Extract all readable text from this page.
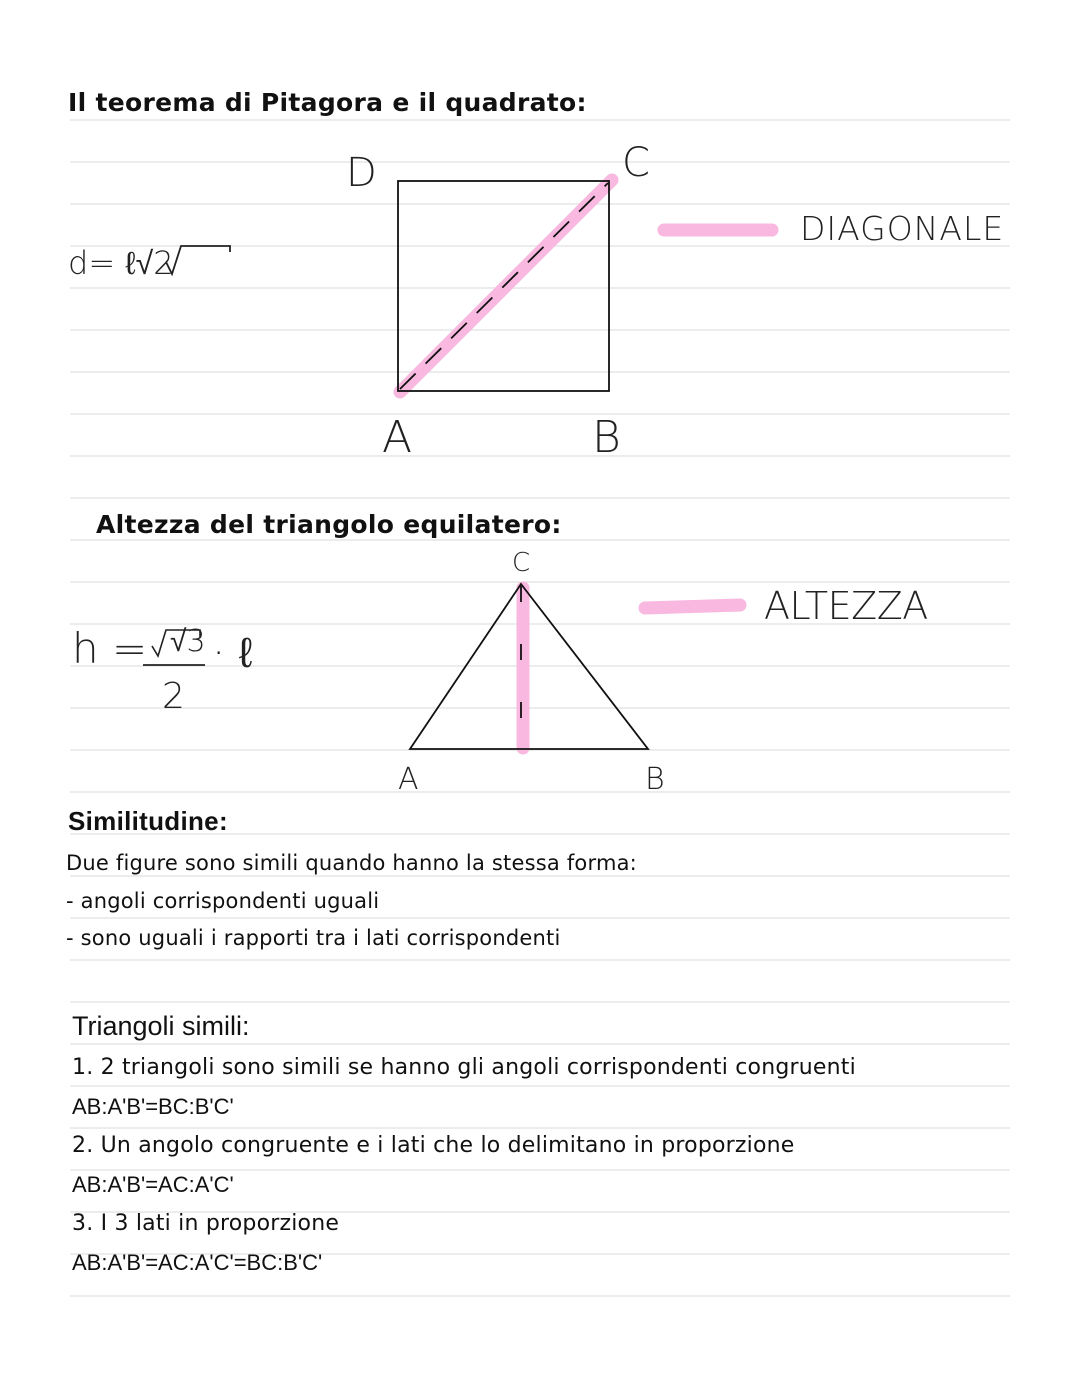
Il teorema di Pitagora e il quadrato:
D	C
A	B
DIAGONALE
d= ℓ√2
Altezza del triangolo equilatero:
C
A	B
ALTEZZA
h = √3
2
· ℓ
Similitudine:
Due figure sono simili quando hanno la stessa forma:
- angoli corrispondenti uguali
- sono uguali i rapporti tra i lati corrispondenti
Triangoli simili:
1. 2 triangoli sono simili se hanno gli angoli corrispondenti congruenti
AB:A'B'=BC:B'C'
2. Un angolo congruente e i lati che lo delimitano in proporzione
AB:A'B'=AC:A'C'
3. I 3 lati in proporzione
AB:A'B'=AC:A'C'=BC:B'C'
